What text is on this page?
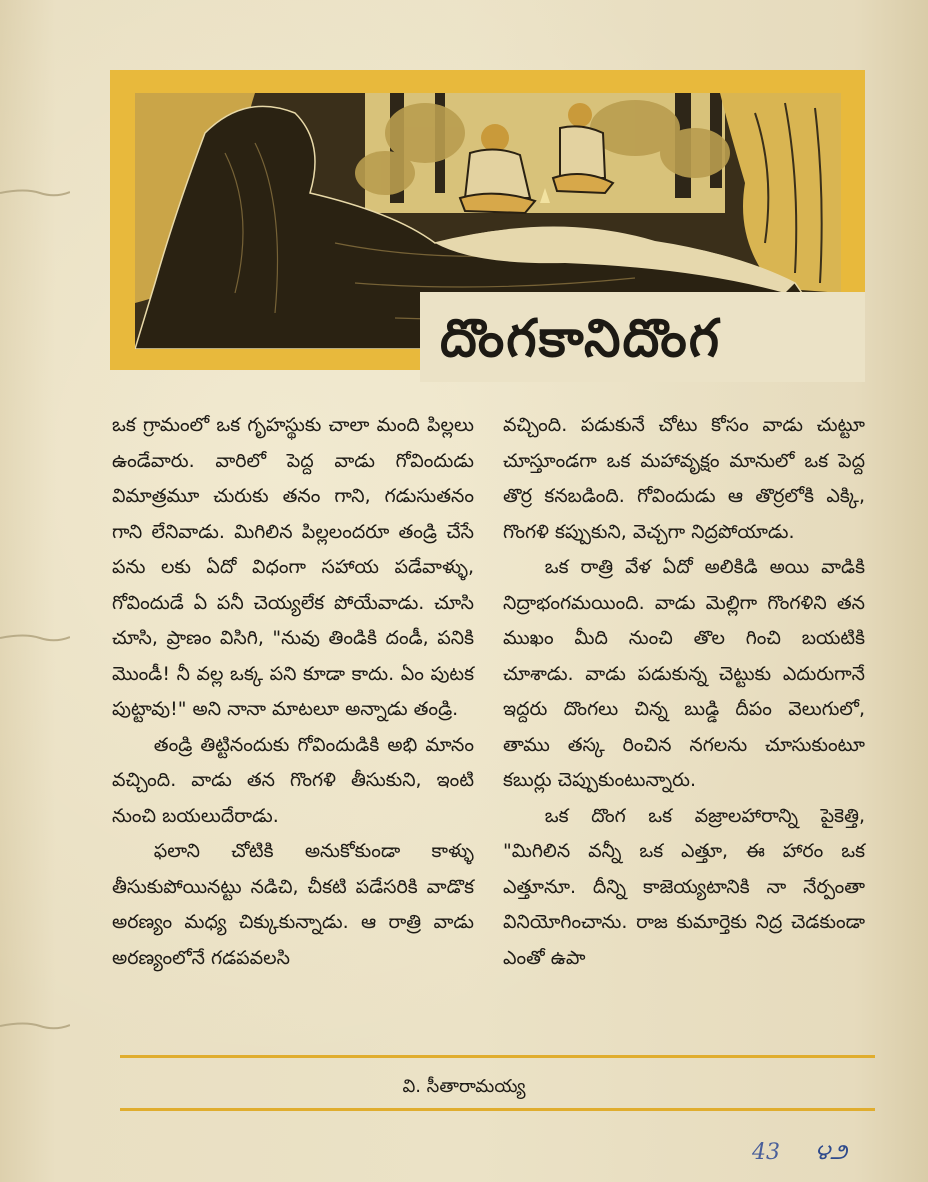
దొంగకానిదొంగ

ఒక గ్రామంలో ఒక గృహస్థుకు చాలా మంది పిల్లలు ఉండేవారు. వారిలో పెద్ద వాడు గోవిందుడు విమాత్రమూ చురుకు తనం గాని, గడుసుతనం గాని లేనివాడు. మిగిలిన పిల్లలందరూ తండ్రి చేసే పను లకు ఏదో విధంగా సహాయ పడేవాళ్ళు, గోవిందుడే ఏ పనీ చెయ్యలేక పోయేవాడు. చూసి చూసి, ప్రాణం విసిగి, "నువు తిండికి దండీ, పనికి మొండీ! నీ వల్ల ఒక్క పని కూడా కాదు. ఏం పుటక పుట్టావు!" అని నానా మాటలూ అన్నాడు తండ్రి.

తండ్రి తిట్టినందుకు గోవిందుడికి అభి మానం వచ్చింది. వాడు తన గొంగళి తీసుకుని, ఇంటి నుంచి బయలుదేరాడు.

ఫలాని చోటికి అనుకోకుండా కాళ్ళు తీసుకుపోయినట్టు నడిచి, చీకటి పడేసరికి వాడొక అరణ్యం మధ్య చిక్కుకున్నాడు. ఆ రాత్రి వాడు అరణ్యంలోనే గడపవలసి

వచ్చింది. పడుకునే చోటు కోసం వాడు చుట్టూ చూస్తూండగా ఒక మహావృక్షం మానులో ఒక పెద్ద తొర్ర కనబడింది. గోవిందుడు ఆ తొర్రలోకి ఎక్కి, గొంగళి కప్పుకుని, వెచ్చగా నిద్రపోయాడు.

ఒక రాత్రి వేళ ఏదో అలికిడి అయి వాడికి నిద్రాభంగమయింది. వాడు మెల్లిగా గొంగళిని తన ముఖం మీది నుంచి తొల గించి బయటికి చూశాడు. వాడు పడుకున్న చెట్టుకు ఎదురుగానే ఇద్దరు దొంగలు చిన్న బుడ్డి దీపం వెలుగులో, తాము తస్క రించిన నగలను చూసుకుంటూ కబుర్లు చెప్పుకుంటున్నారు.

ఒక దొంగ ఒక వజ్రాలహారాన్ని పైకెత్తి, "మిగిలిన వన్నీ ఒక ఎత్తూ, ఈ హారం ఒక ఎత్తూనూ. దీన్ని కాజెయ్యటానికి నా నేర్పంతా వినియోగించాను. రాజ కుమార్తెకు నిద్ర చెడకుండా ఎంతో ఉపా

వి. సీతారామయ్య
43 ౪౨
